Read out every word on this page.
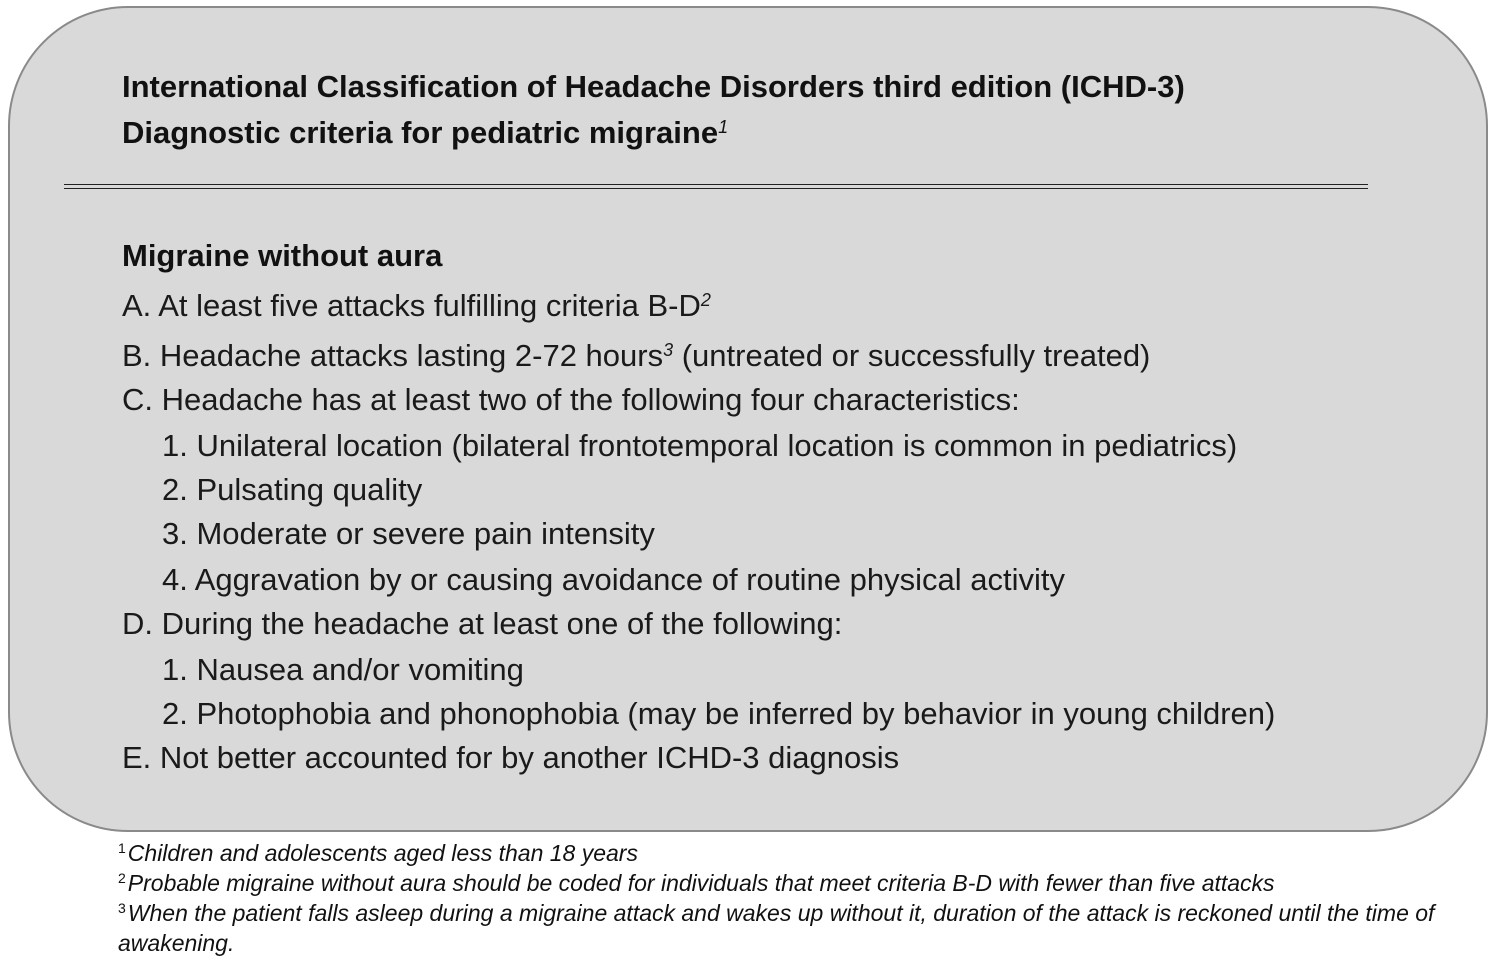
International Classification of Headache Disorders third edition (ICHD-3)
Diagnostic criteria for pediatric migraine$^1$
Migraine without aura
A. At least five attacks fulfilling criteria $B-D^2$
B. Headache attacks lasting 2-72 hours$^3$ (untreated or successfully treated)
C. Headache has at least two of the following four characteristics:
1. Unilateral location (bilateral frontotemporal location is common in pediatrics)
2. Pulsating quality
3. Moderate or severe pain intensity
4. Aggravation by or causing avoidance of routine physical activity
D. During the headache at least one of the following:
1. Nausea and/or vomiting
2. Photophobia and phonophobia (may be inferred by behavior in young children)
E. Not better accounted for by another ICHD-3 diagnosis
$^1$Children and adolescents aged less than 18 years
$^2$Probable migraine without aura should be coded for individuals that meet criteria B-D with fewer than five attacks
$^3$When the patient falls asleep during a migraine attack and wakes up without it, duration of the attack is reckoned until the time of awakening.
